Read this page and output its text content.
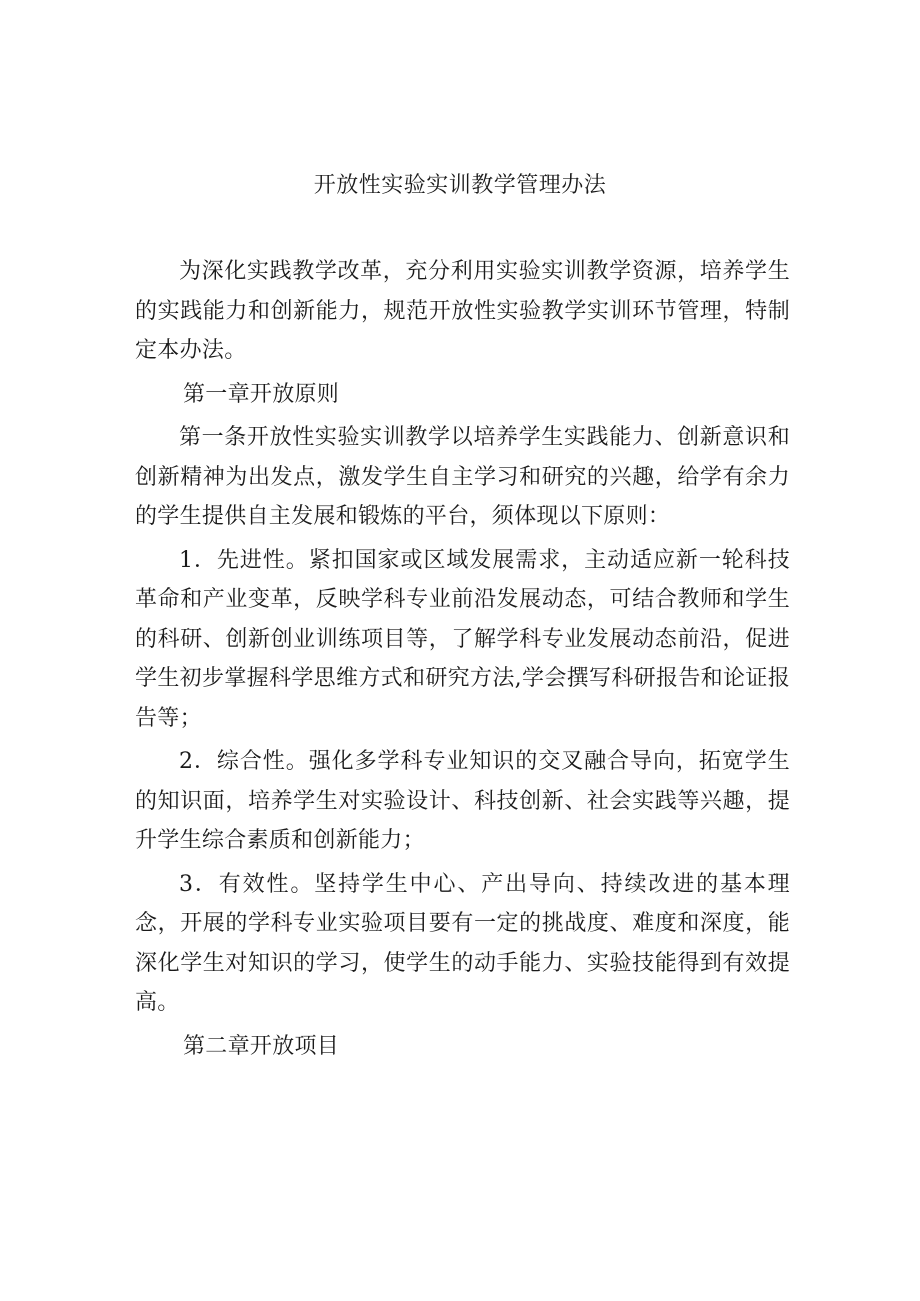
开放性实验实训教学管理办法

为深化实践教学改革，充分利用实验实训教学资源，培养学生的实践能力和创新能力，规范开放性实验教学实训环节管理，特制定本办法。

第一章开放原则

第一条开放性实验实训教学以培养学生实践能力、创新意识和创新精神为出发点，激发学生自主学习和研究的兴趣，给学有余力的学生提供自主发展和锻炼的平台，须体现以下原则：

1．先进性。紧扣国家或区域发展需求，主动适应新一轮科技革命和产业变革，反映学科专业前沿发展动态，可结合教师和学生的科研、创新创业训练项目等，了解学科专业发展动态前沿，促进学生初步掌握科学思维方式和研究方法,学会撰写科研报告和论证报告等；

2．综合性。强化多学科专业知识的交叉融合导向，拓宽学生的知识面，培养学生对实验设计、科技创新、社会实践等兴趣，提升学生综合素质和创新能力；

3．有效性。坚持学生中心、产出导向、持续改进的基本理念，开展的学科专业实验项目要有一定的挑战度、难度和深度，能深化学生对知识的学习，使学生的动手能力、实验技能得到有效提高。

第二章开放项目
